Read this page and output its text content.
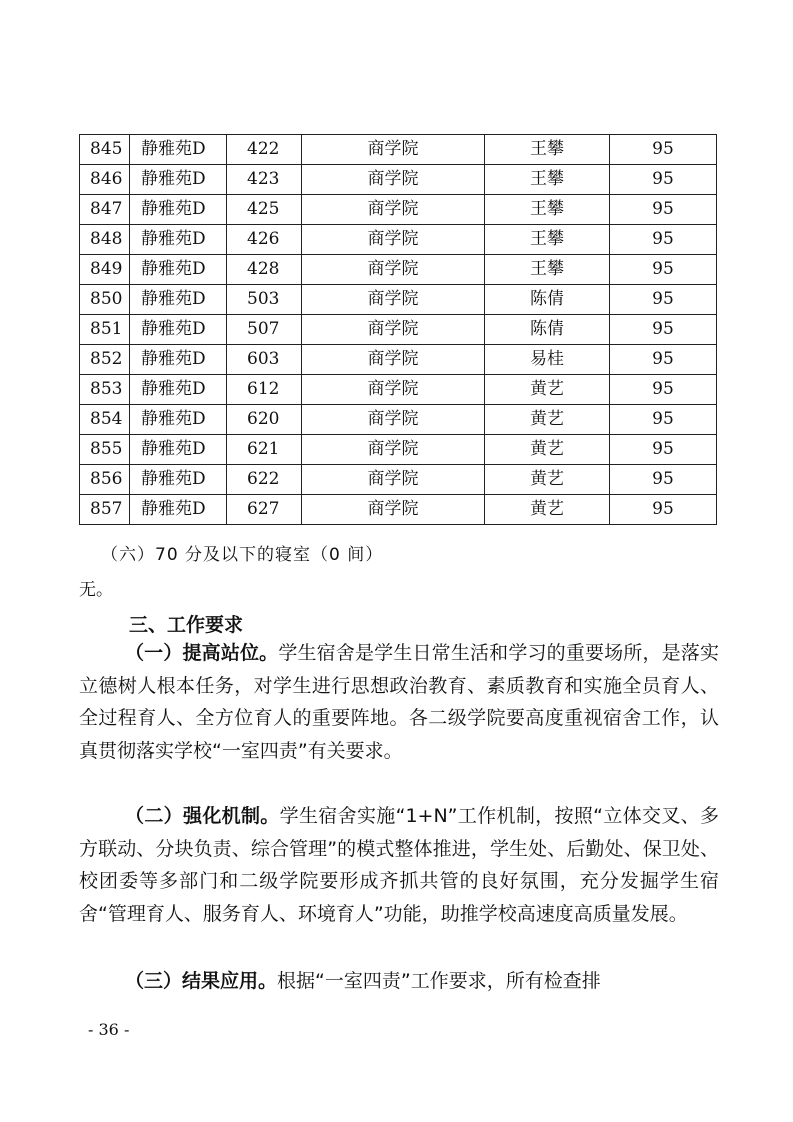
845	静雅苑D	422	商学院	王攀	95
846	静雅苑D	423	商学院	王攀	95
847	静雅苑D	425	商学院	王攀	95
848	静雅苑D	426	商学院	王攀	95
849	静雅苑D	428	商学院	王攀	95
850	静雅苑D	503	商学院	陈倩	95
851	静雅苑D	507	商学院	陈倩	95
852	静雅苑D	603	商学院	易桂	95
853	静雅苑D	612	商学院	黄艺	95
854	静雅苑D	620	商学院	黄艺	95
855	静雅苑D	621	商学院	黄艺	95
856	静雅苑D	622	商学院	黄艺	95
857	静雅苑D	627	商学院	黄艺	95
（六）70 分及以下的寝室（0 间）
无。
三、工作要求
（一）提高站位。学生宿舍是学生日常生活和学习的重要场所，是落实立德树人根本任务，对学生进行思想政治教育、素质教育和实施全员育人、全过程育人、全方位育人的重要阵地。各二级学院要高度重视宿舍工作，认真贯彻落实学校“一室四责”有关要求。
（二）强化机制。学生宿舍实施“1+N”工作机制，按照“立体交叉、多方联动、分块负责、综合管理”的模式整体推进，学生处、后勤处、保卫处、校团委等多部门和二级学院要形成齐抓共管的良好氛围，充分发掘学生宿舍“管理育人、服务育人、环境育人”功能，助推学校高速度高质量发展。
（三）结果应用。根据“一室四责”工作要求，所有检查排
- 36 -
